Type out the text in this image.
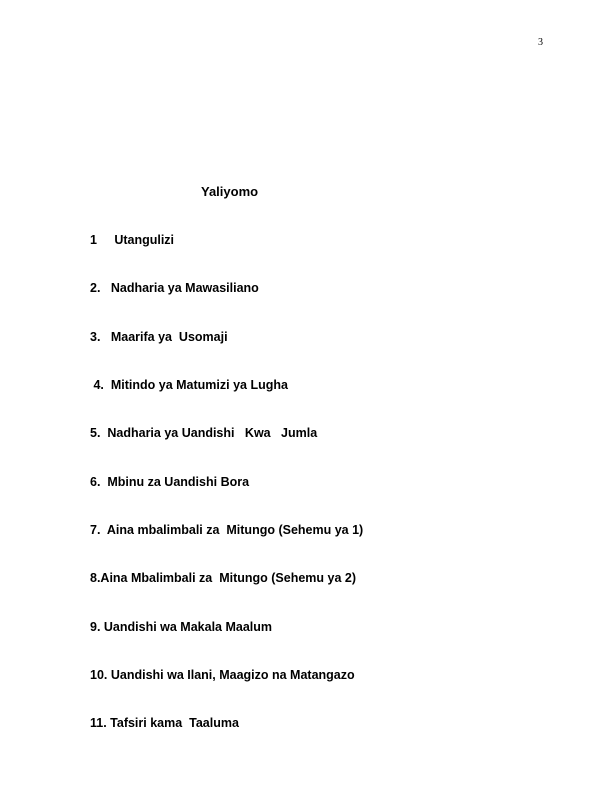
3
Yaliyomo
1     Utangulizi
2.   Nadharia ya Mawasiliano
3.   Maarifa ya  Usomaji
4.  Mitindo ya Matumizi ya Lugha
5.  Nadharia ya Uandishi   Kwa   Jumla
6.  Mbinu za Uandishi Bora
7.  Aina mbalimbali za  Mitungo (Sehemu ya 1)
8.Aina Mbalimbali za  Mitungo (Sehemu ya 2)
9. Uandishi wa Makala Maalum
10. Uandishi wa Ilani, Maagizo na Matangazo
11. Tafsiri kama  Taaluma
